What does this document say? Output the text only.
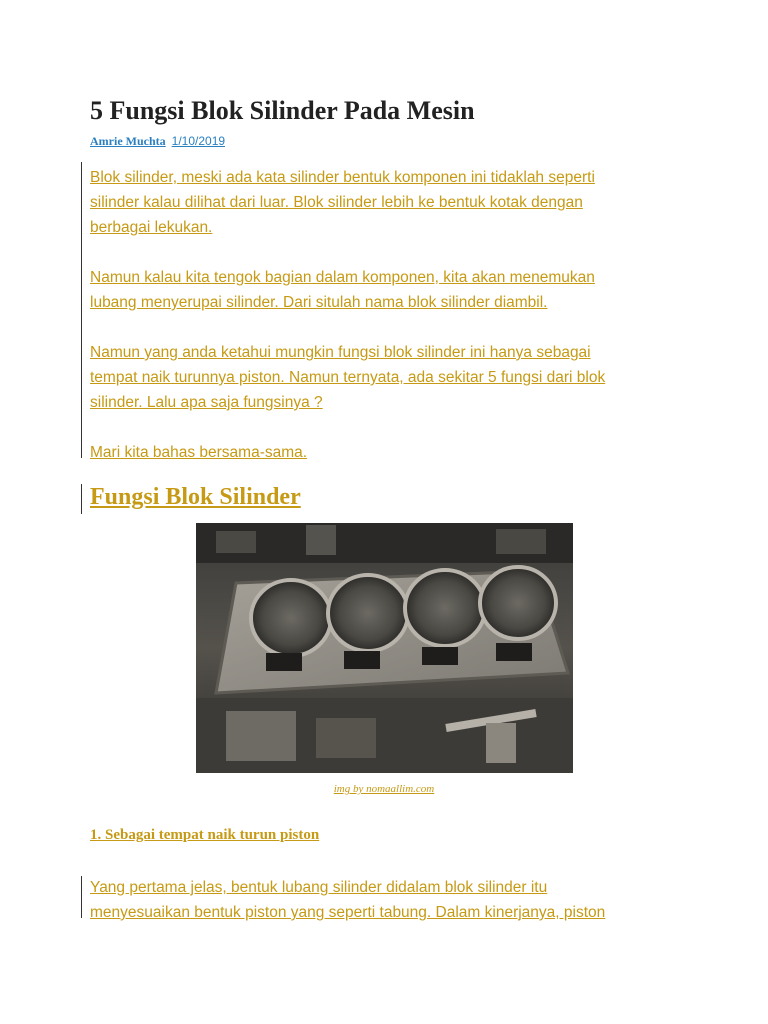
5 Fungsi Blok Silinder Pada Mesin
Amrie Muchta 1/10/2019

Blok silinder, meski ada kata silinder bentuk komponen ini tidaklah seperti
silinder kalau dilihat dari luar. Blok silinder lebih ke bentuk kotak dengan
berbagai lekukan.

Namun kalau kita tengok bagian dalam komponen, kita akan menemukan
lubang menyerupai silinder. Dari situlah nama blok silinder diambil.

Namun yang anda ketahui mungkin fungsi blok silinder ini hanya sebagai
tempat naik turunnya piston. Namun ternyata, ada sekitar 5 fungsi dari blok
silinder. Lalu apa saja fungsinya ?

Mari kita bahas bersama-sama.

Fungsi Blok Silinder
img by nomaallim.com
1. Sebagai tempat naik turun piston

Yang pertama jelas, bentuk lubang silinder didalam blok silinder itu
menyesuaikan bentuk piston yang seperti tabung. Dalam kinerjanya, piston
